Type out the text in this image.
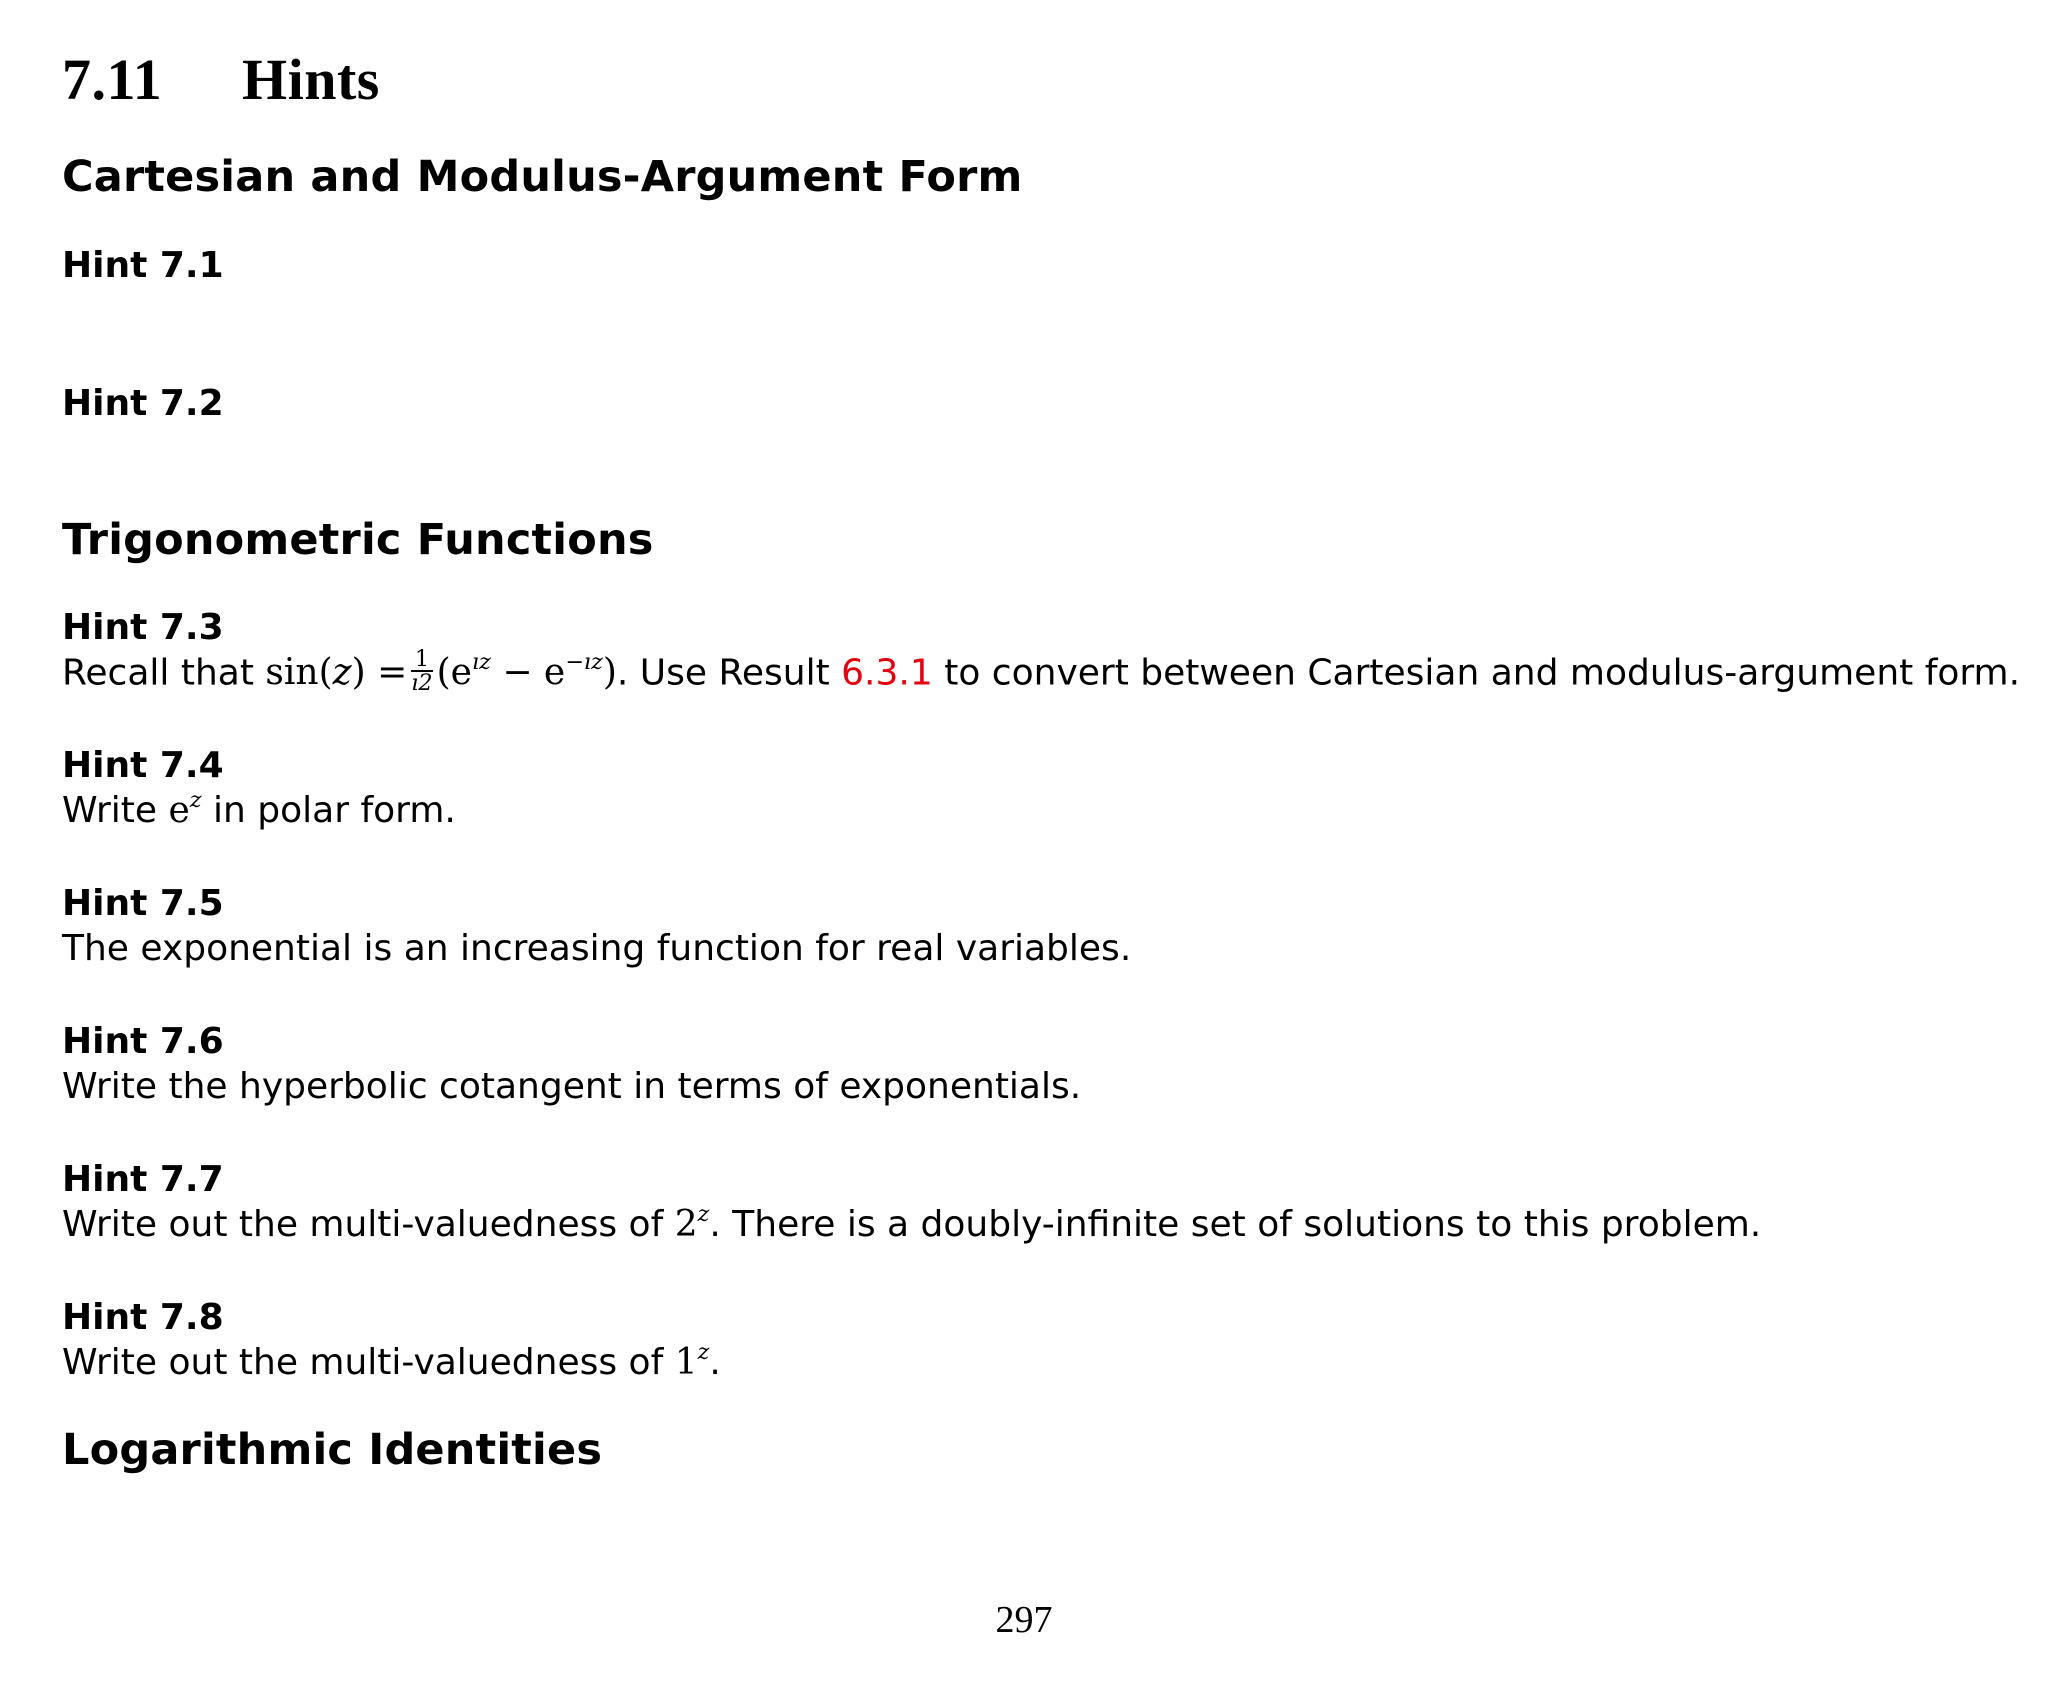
7.11 Hints
Cartesian and Modulus-Argument Form
Hint 7.1
Hint 7.2
Trigonometric Functions
Hint 7.3
Recall that $\sin(z) = \frac{1}{ı2} (e^{ız} - e^{-ız})$. Use Result 6.3.1 to convert between Cartesian and modulus-argument form.
Hint 7.4
Write $e^z$ in polar form.
Hint 7.5
The exponential is an increasing function for real variables.
Hint 7.6
Write the hyperbolic cotangent in terms of exponentials.
Hint 7.7
Write out the multi-valuedness of 2$^z$. There is a doubly-infinite set of solutions to this problem.
Hint 7.8
Write out the multi-valuedness of 1$^z$.
Logarithmic Identities
297
